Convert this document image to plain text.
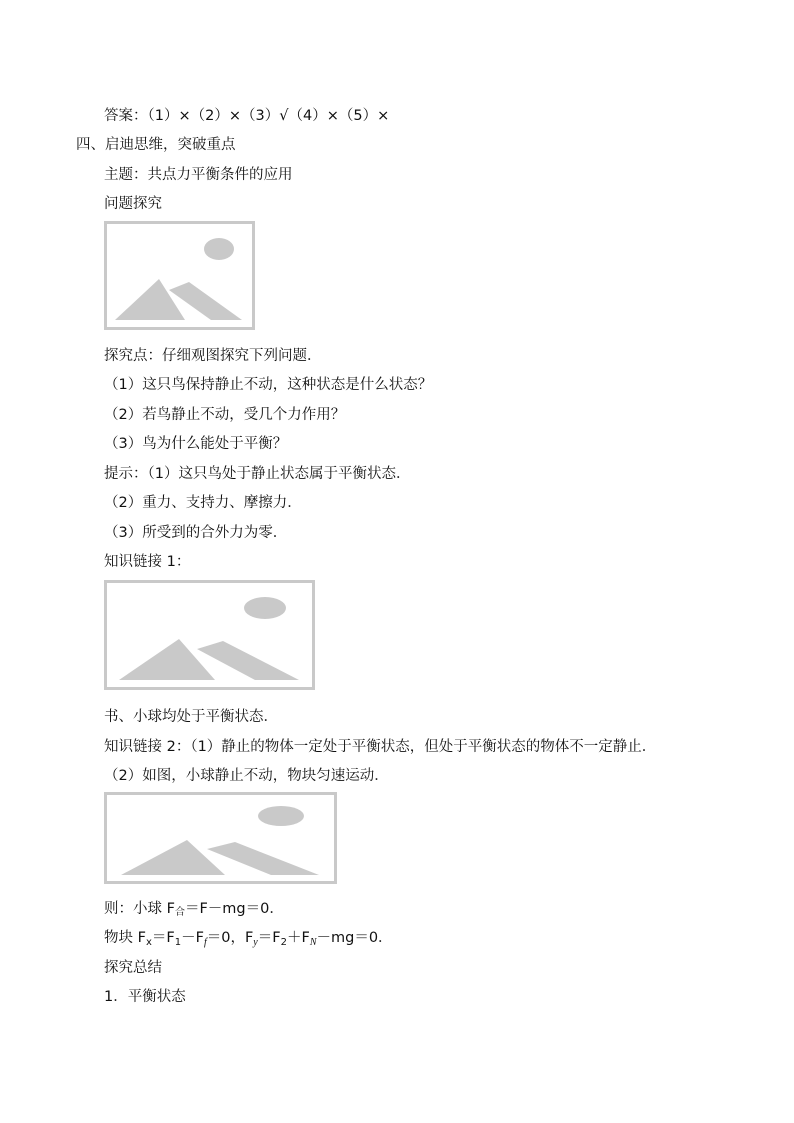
答案：（1）×（2）×（3）√（4）×（5）×
四、启迪思维，突破重点
主题：共点力平衡条件的应用
问题探究
探究点：仔细观图探究下列问题．
（1）这只鸟保持静止不动，这种状态是什么状态？
（2）若鸟静止不动，受几个力作用？
（3）鸟为什么能处于平衡？
提示：（1）这只鸟处于静止状态属于平衡状态．
（2）重力、支持力、摩擦力．
（3）所受到的合外力为零．
知识链接 1：
书、小球均处于平衡状态．
知识链接 2：（1）静止的物体一定处于平衡状态，但处于平衡状态的物体不一定静止．
（2）如图，小球静止不动，物块匀速运动．
则：小球 F合＝F－mg＝0．
物块 $F_x=F_1-F_f=0$，$F_y=F_2+F_N-mg=0$．
探究总结
1．平衡状态
